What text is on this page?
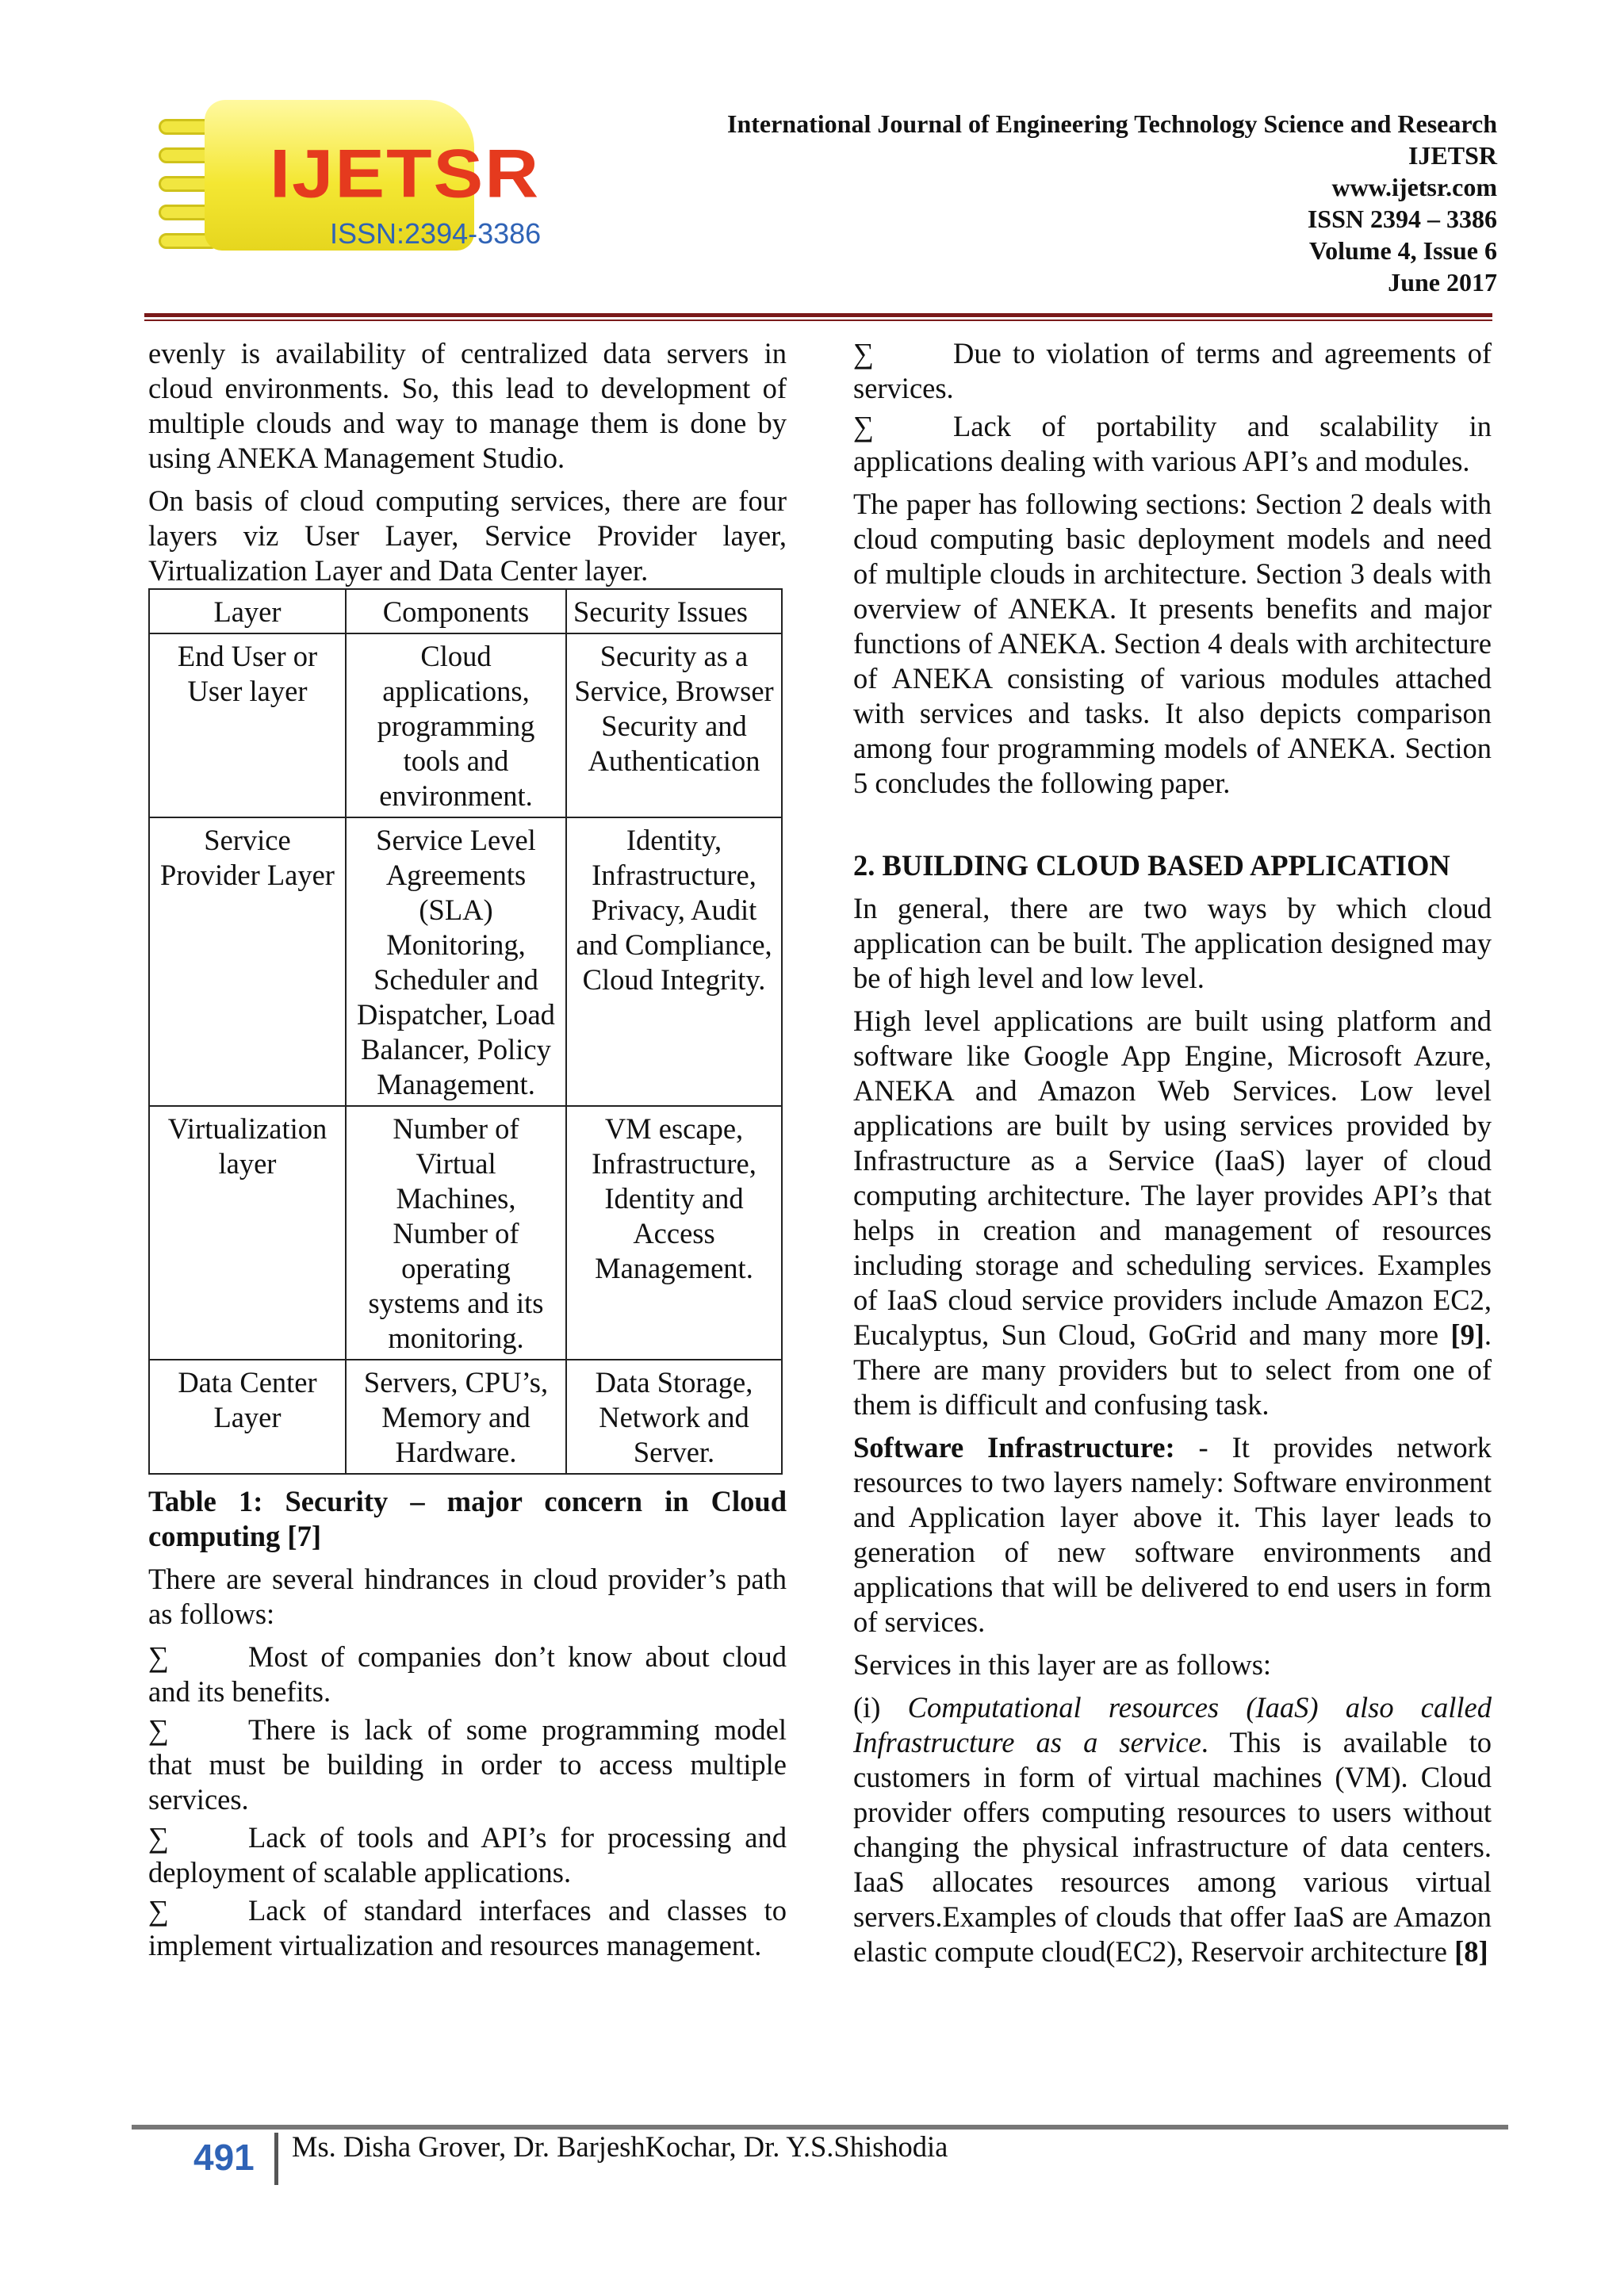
IJETSR
ISSN:2394-3386
International Journal of Engineering Technology Science and Research
IJETSR
www.ijetsr.com
ISSN 2394 – 3386
Volume 4, Issue 6
June 2017

evenly is availability of centralized data servers in cloud environments. So, this lead to development of multiple clouds and way to manage them is done by using ANEKA Management Studio.

On basis of cloud computing services, there are four layers viz User Layer, Service Provider layer, Virtualization Layer and Data Center layer.

Layer	Components	Security Issues
End User or User layer	Cloud applications, programming tools and environment.	Security as a Service, Browser Security and Authentication
Service Provider Layer	Service Level Agreements (SLA) Monitoring, Scheduler and Dispatcher, Load Balancer, Policy Management.	Identity, Infrastructure, Privacy, Audit and Compliance, Cloud Integrity.
Virtualization layer	Number of Virtual Machines, Number of operating systems and its monitoring.	VM escape, Infrastructure, Identity and Access Management.
Data Center Layer	Servers, CPU’s, Memory and Hardware.	Data Storage, Network and Server.

Table 1: Security – major concern in Cloud computing [7]

There are several hindrances in cloud provider’s path as follows:

∑	Most of companies don’t know about cloud and its benefits.
∑	There is lack of some programming model that must be building in order to access multiple services.
∑	Lack of tools and API’s for processing and deployment of scalable applications.
∑	Lack of standard interfaces and classes to implement virtualization and resources management.
∑	Due to violation of terms and agreements of services.
∑	Lack of portability and scalability in applications dealing with various API’s and modules.

The paper has following sections: Section 2 deals with cloud computing basic deployment models and need of multiple clouds in architecture. Section 3 deals with overview of ANEKA. It presents benefits and major functions of ANEKA. Section 4 deals with architecture of ANEKA consisting of various modules attached with services and tasks. It also depicts comparison among four programming models of ANEKA. Section 5 concludes the following paper.

2. BUILDING CLOUD BASED APPLICATION

In general, there are two ways by which cloud application can be built. The application designed may be of high level and low level.

High level applications are built using platform and software like Google App Engine, Microsoft Azure, ANEKA and Amazon Web Services. Low level applications are built by using services provided by Infrastructure as a Service (IaaS) layer of cloud computing architecture. The layer provides API’s that helps in creation and management of resources including storage and scheduling services. Examples of IaaS cloud service providers include Amazon EC2, Eucalyptus, Sun Cloud, GoGrid and many more [9]. There are many providers but to select from one of them is difficult and confusing task.

Software Infrastructure: - It provides network resources to two layers namely: Software environment and Application layer above it. This layer leads to generation of new software environments and applications that will be delivered to end users in form of services.

Services in this layer are as follows:

(i) Computational resources (IaaS) also called Infrastructure as a service. This is available to customers in form of virtual machines (VM). Cloud provider offers computing resources to users without changing the physical infrastructure of data centers. IaaS allocates resources among various virtual servers.Examples of clouds that offer IaaS are Amazon elastic compute cloud(EC2), Reservoir architecture [8]

491 Ms. Disha Grover, Dr. BarjeshKochar, Dr. Y.S.Shishodia
